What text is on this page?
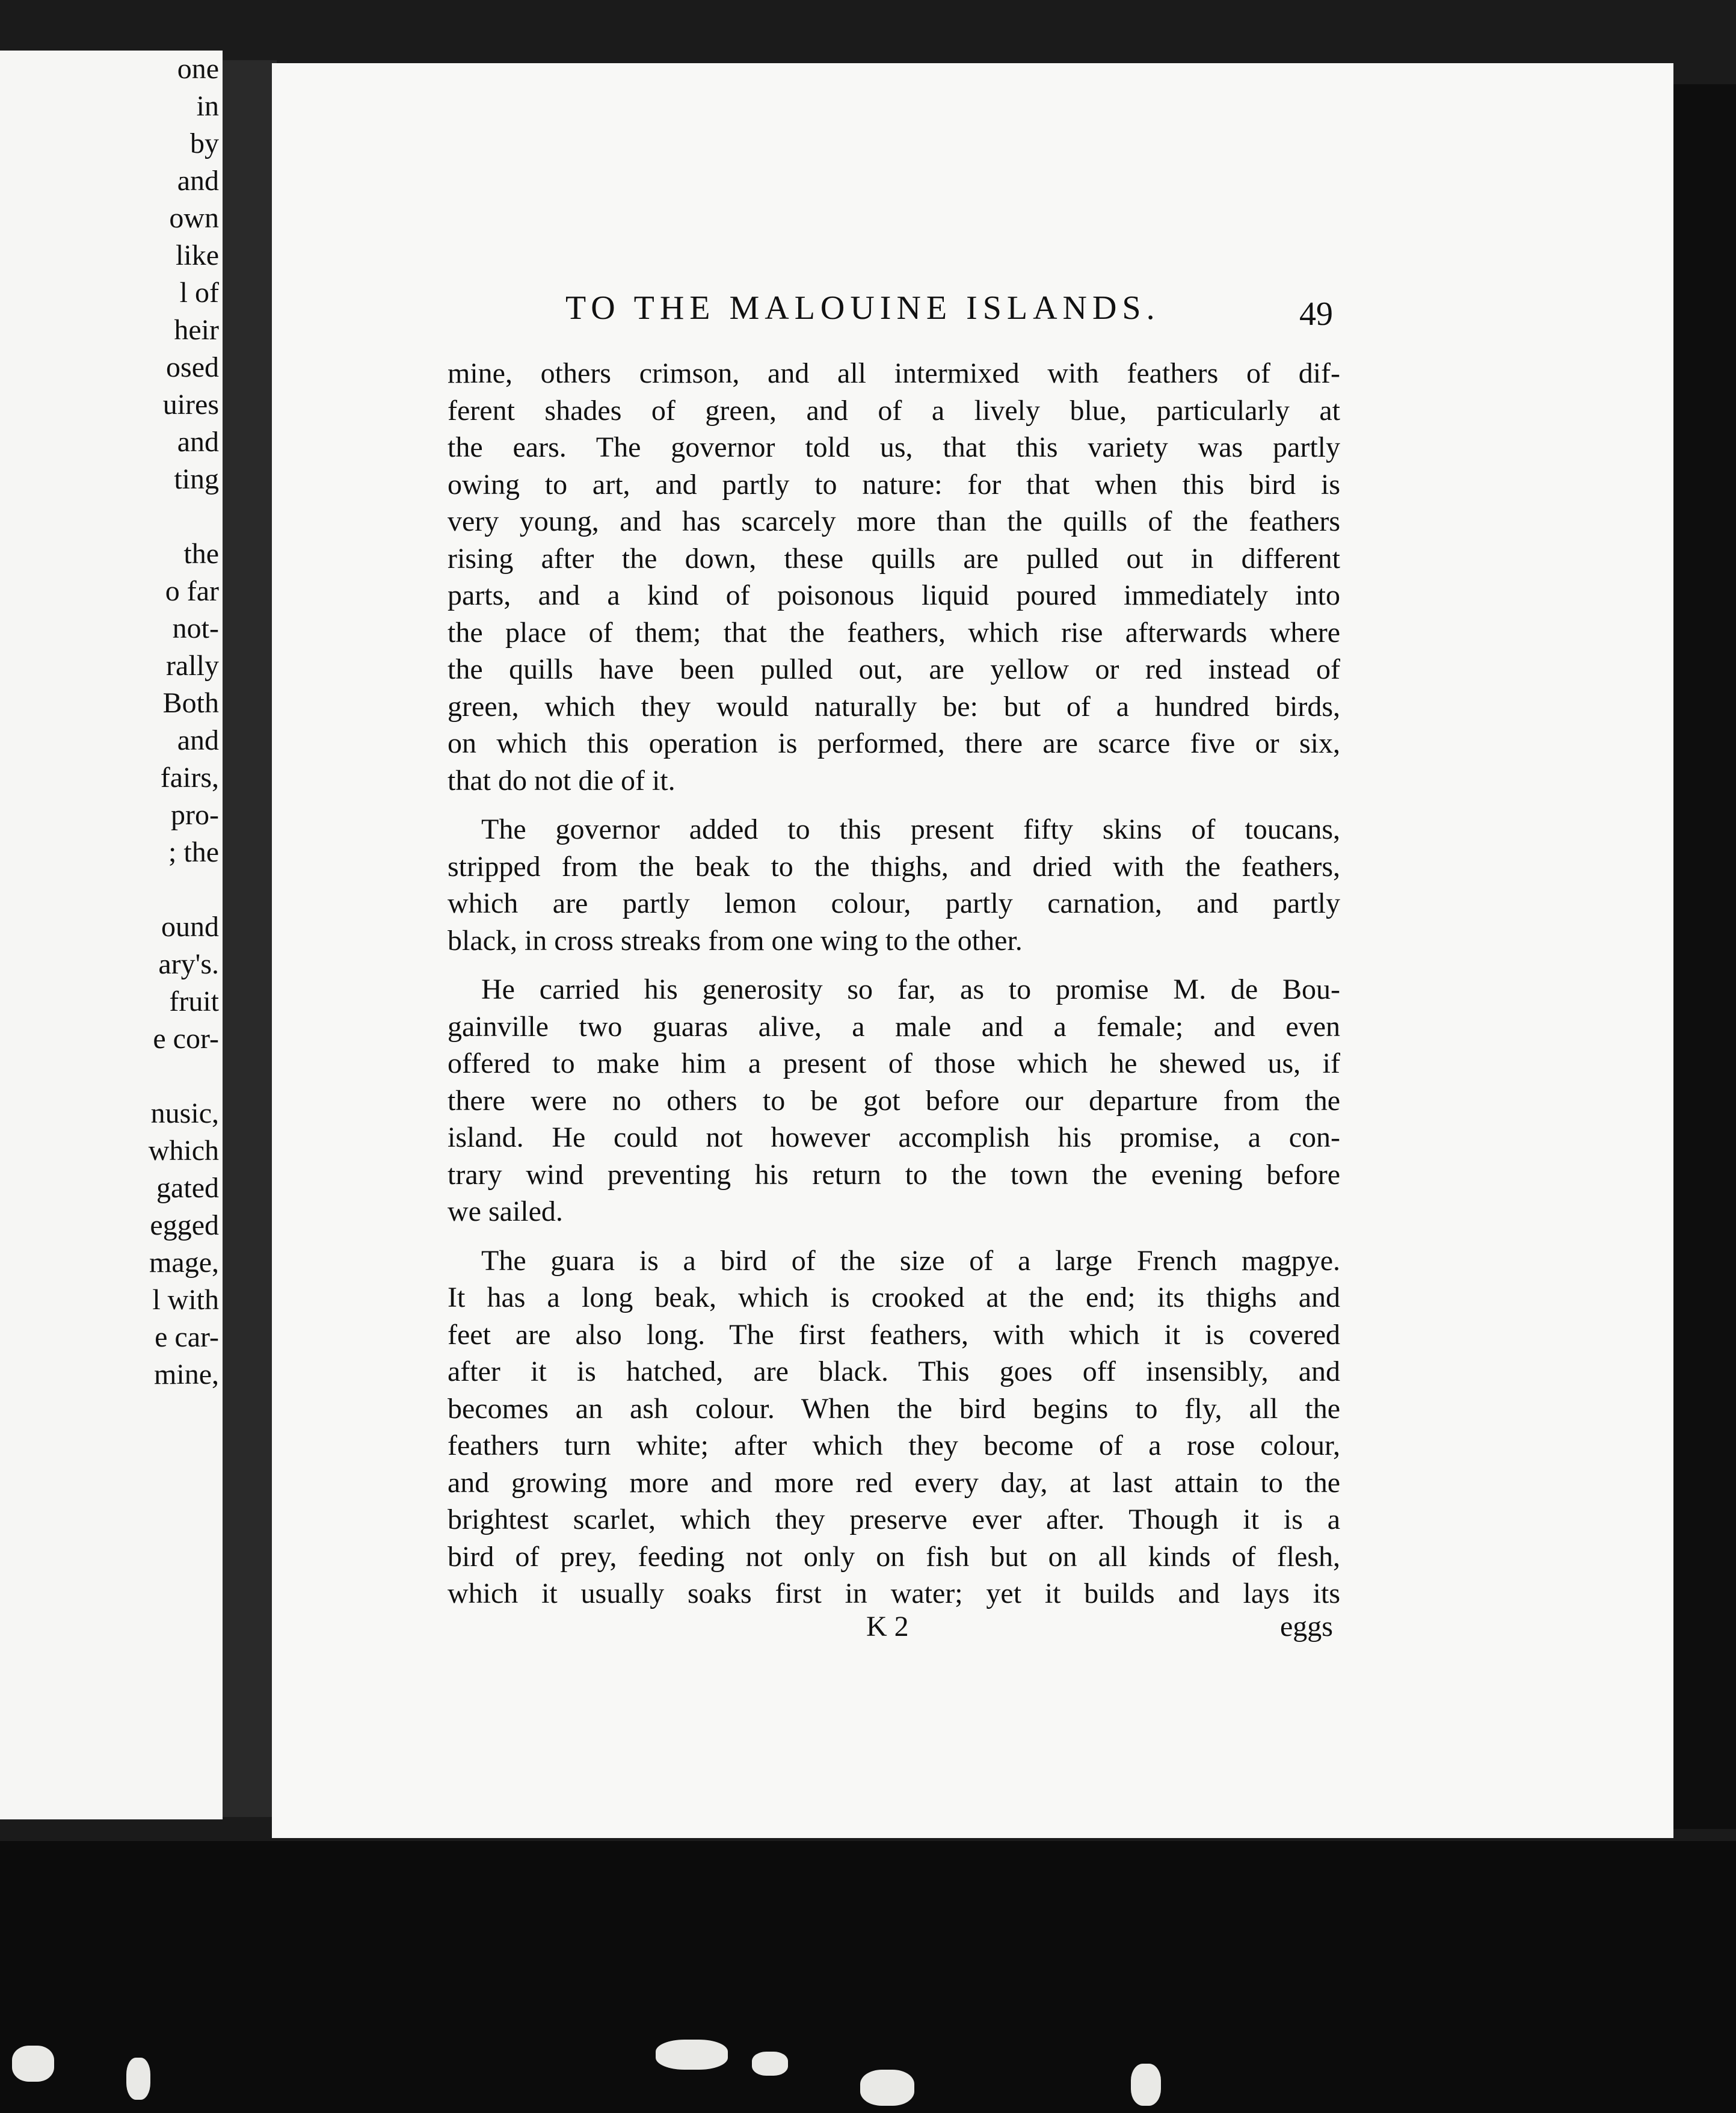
one
in
by
and
own
like
l of
heir
osed
uires
and
ting

the
o far
not-
rally
Both
and
fairs,
pro-
; the

ound
ary's.
fruit
e cor-

nusic,
which
gated
egged
mage,
l with
e car-
mine,
TO THE MALOUINE ISLANDS.	49
mine, others crimson, and all intermixed with feathers of dif-
ferent shades of green, and of a lively blue, particularly at
the ears. The governor told us, that this variety was partly
owing to art, and partly to nature: for that when this bird is
very young, and has scarcely more than the quills of the feathers
rising after the down, these quills are pulled out in different
parts, and a kind of poisonous liquid poured immediately into
the place of them; that the feathers, which rise afterwards where
the quills have been pulled out, are yellow or red instead of
green, which they would naturally be: but of a hundred birds,
on which this operation is performed, there are scarce five or six,
that do not die of it.
The governor added to this present fifty skins of toucans,
stripped from the beak to the thighs, and dried with the feathers,
which are partly lemon colour, partly carnation, and partly
black, in cross streaks from one wing to the other.
He carried his generosity so far, as to promise M. de Bou-
gainville two guaras alive, a male and a female; and even
offered to make him a present of those which he shewed us, if
there were no others to be got before our departure from the
island. He could not however accomplish his promise, a con-
trary wind preventing his return to the town the evening before
we sailed.
The guara is a bird of the size of a large French magpye.
It has a long beak, which is crooked at the end; its thighs and
feet are also long. The first feathers, with which it is covered
after it is hatched, are black. This goes off insensibly, and
becomes an ash colour. When the bird begins to fly, all the
feathers turn white; after which they become of a rose colour,
and growing more and more red every day, at last attain to the
brightest scarlet, which they preserve ever after. Though it is a
bird of prey, feeding not only on fish but on all kinds of flesh,
which it usually soaks first in water; yet it builds and lays its
K 2	eggs
